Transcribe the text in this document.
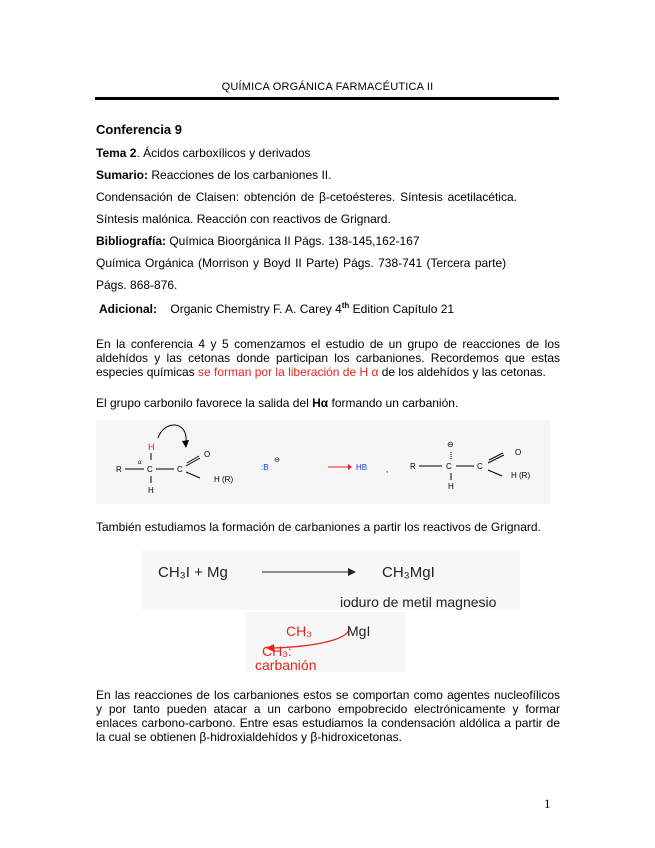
QUÍMICA ORGÁNICA FARMACÉUTICA II
Conferencia 9
Tema 2. Ácidos carboxílicos y derivados
Sumario: Reacciones de los carbaniones II.
Condensación de Claisen: obtención de β-cetoésteres. Síntesis acetilacética.
Síntesis malónica. Reacción con reactivos de Grignard.
Bibliografía: Química Bioorgánica II Págs. 138-145,162-167
Química Orgánica (Morrison y Boyd II Parte) Págs. 738-741 (Tercera parte)
Págs. 868-876.
Adicional: Organic Chemistry F. A. Carey 4th Edition Capítulo 21
En la conferencia 4 y 5 comenzamos el estudio de un grupo de reacciones de los aldehídos y las cetonas donde participan los carbaniones. Recordemos que estas especies químicas se forman por la liberación de H α de los aldehídos y las cetonas.
El grupo carbonilo favorece la salida del Hα formando un carbanión.
H
α
R	C	C
O
H (R)
H
:B
⊖
HB ,
⊖
R	C	C
O
H (R)
H
También estudiamos la formación de carbaniones a partir los reactivos de Grignard.
CH₃I + Mg	CH₃MgI
ioduro de metil magnesio
CH₃	MgI
CH₃:
carbanión
En las reacciones de los carbaniones estos se comportan como agentes nucleofílicos y por tanto pueden atacar a un carbono empobrecido electrónicamente y formar enlaces carbono-carbono. Entre esas estudiamos la condensación aldólica a partir de la cual se obtienen β-hidroxialdehídos y β-hidroxicetonas.
1
